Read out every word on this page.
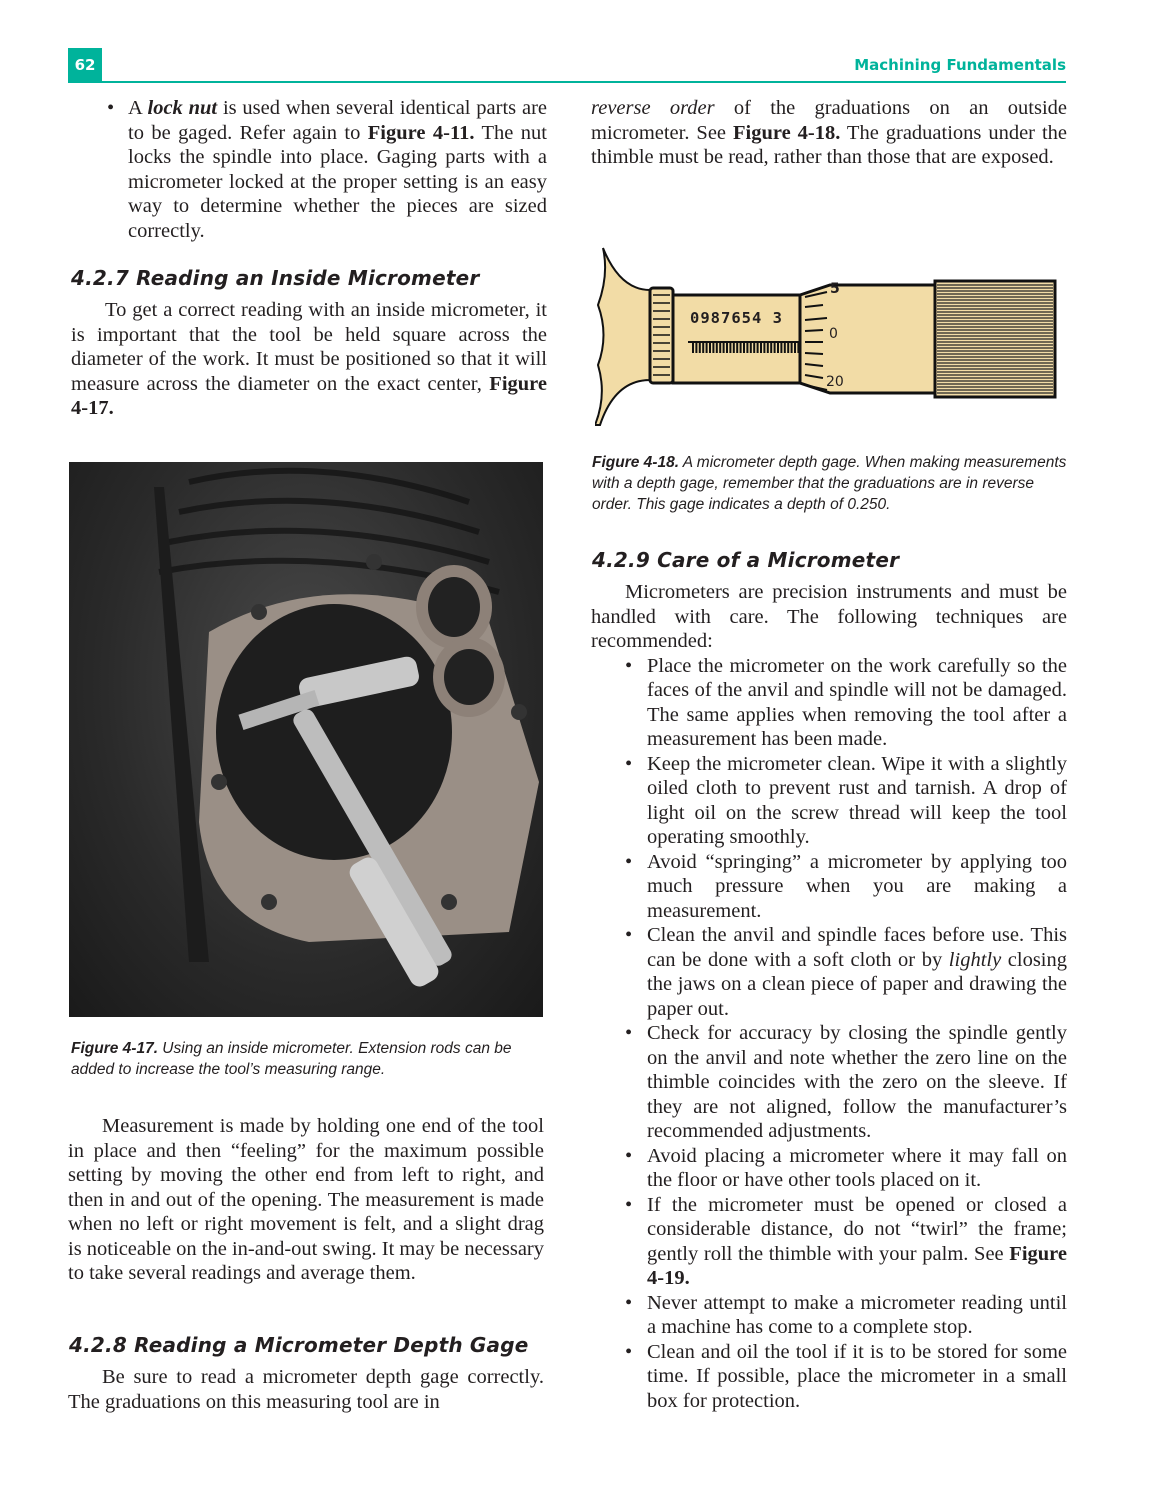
62	Machining Fundamentals

• A lock nut is used when several identical parts are to be gaged. Refer again to Figure 4-11. The nut locks the spindle into place. Gaging parts with a micrometer locked at the proper setting is an easy way to determine whether the pieces are sized correctly.

4.2.7 Reading an Inside Micrometer

To get a correct reading with an inside micrometer, it is important that the tool be held square across the diameter of the work. It must be positioned so that it will measure across the diameter on the exact center, Figure 4-17.

Figure 4-17. Using an inside micrometer. Extension rods can be added to increase the tool’s measuring range.

Measurement is made by holding one end of the tool in place and then “feeling” for the maximum possible setting by moving the other end from left to right, and then in and out of the opening. The measurement is made when no left or right movement is felt, and a slight drag is noticeable on the in-and-out swing. It may be necessary to take several readings and average them.

4.2.8 Reading a Micrometer Depth Gage

Be sure to read a micrometer depth gage correctly. The graduations on this measuring tool are in

reverse order of the graduations on an outside micrometer. See Figure 4-18. The graduations under the thimble must be read, rather than those that are exposed.

0987654 3
5
0
20
Figure 4-18. A micrometer depth gage. When making measurements with a depth gage, remember that the graduations are in reverse order. This gage indicates a depth of 0.250.
4.2.9 Care of a Micrometer

Micrometers are precision instruments and must be handled with care. The following techniques are recommended:

• Place the micrometer on the work carefully so the faces of the anvil and spindle will not be damaged. The same applies when removing the tool after a measurement has been made.

• Keep the micrometer clean. Wipe it with a slightly oiled cloth to prevent rust and tarnish. A drop of light oil on the screw thread will keep the tool operating smoothly.

• Avoid “springing” a micrometer by applying too much pressure when you are making a measurement.

• Clean the anvil and spindle faces before use. This can be done with a soft cloth or by lightly closing the jaws on a clean piece of paper and drawing the paper out.

• Check for accuracy by closing the spindle gently on the anvil and note whether the zero line on the thimble coincides with the zero on the sleeve. If they are not aligned, follow the manufacturer’s recommended adjustments.

• Avoid placing a micrometer where it may fall on the floor or have other tools placed on it.

• If the micrometer must be opened or closed a considerable distance, do not “twirl” the frame; gently roll the thimble with your palm. See Figure 4-19.

• Never attempt to make a micrometer reading until a machine has come to a complete stop.

• Clean and oil the tool if it is to be stored for some time. If possible, place the micrometer in a small box for protection.
